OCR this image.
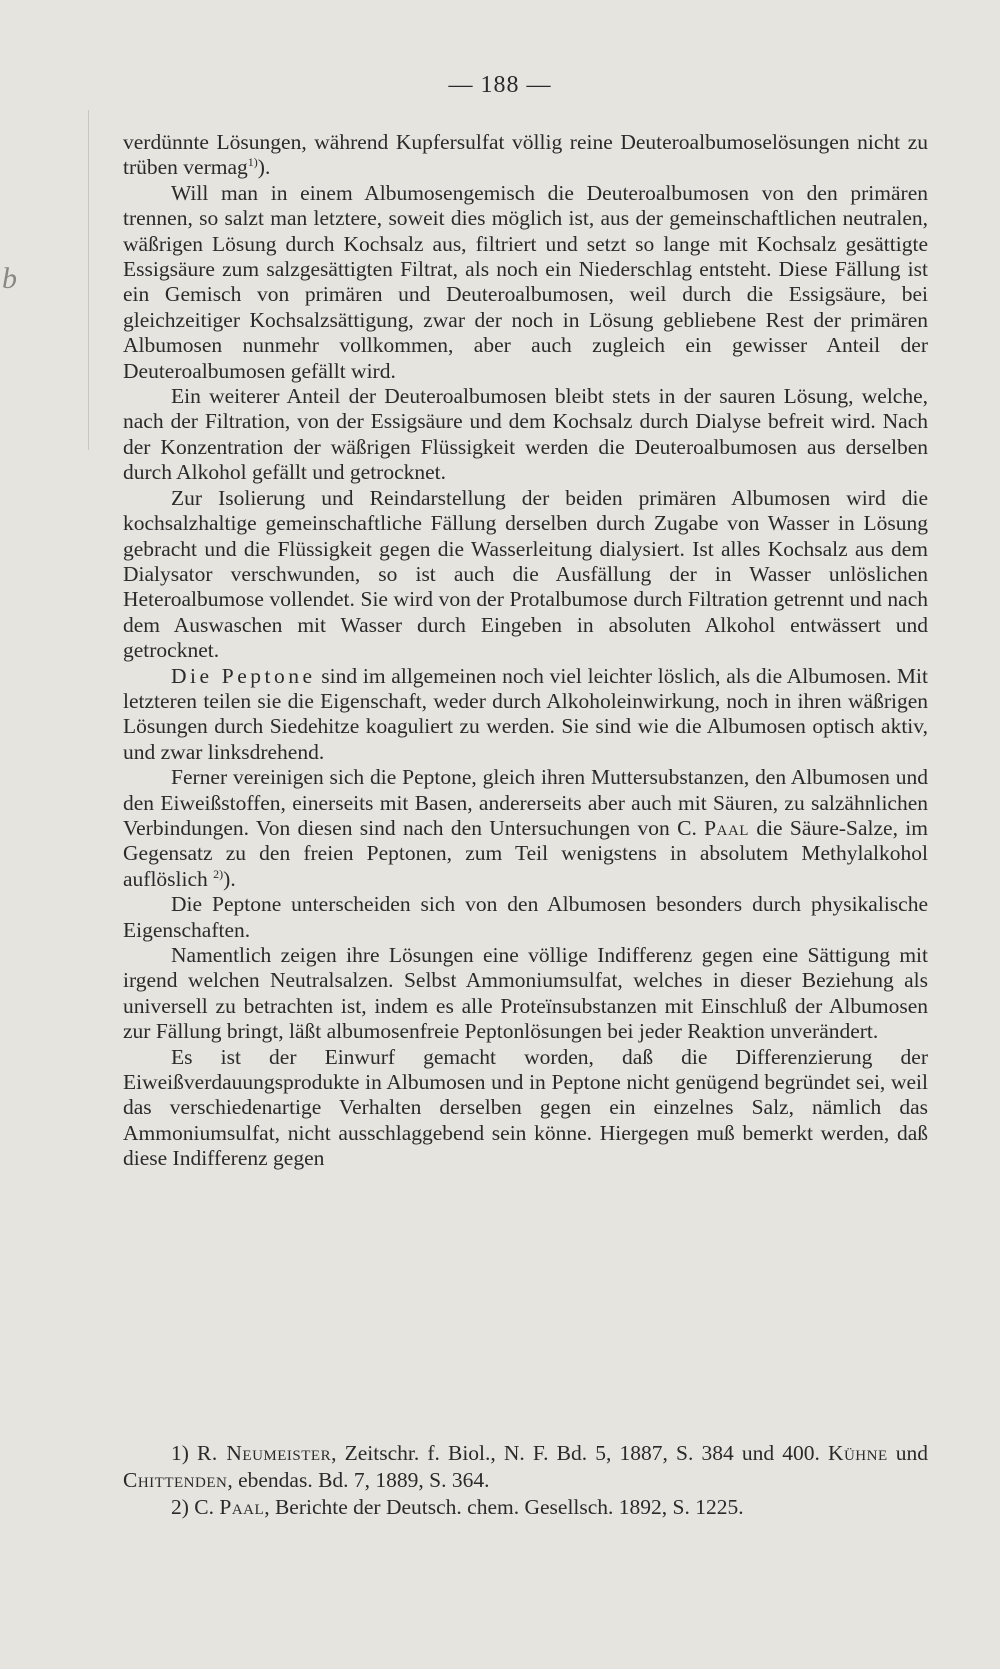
b
— 188 —

verdünnte Lösungen, während Kupfersulfat völlig reine Deuteroalbumoselösungen nicht zu trüben vermag$^{1)}$).

Will man in einem Albumosengemisch die Deuteroalbumosen von den primären trennen, so salzt man letztere, soweit dies möglich ist, aus der gemeinschaftlichen neutralen, wäßrigen Lösung durch Kochsalz aus, filtriert und setzt so lange mit Kochsalz gesättigte Essigsäure zum salzgesättigten Filtrat, als noch ein Niederschlag entsteht. Diese Fällung ist ein Gemisch von primären und Deuteroalbumosen, weil durch die Essigsäure, bei gleichzeitiger Kochsalzsättigung, zwar der noch in Lösung gebliebene Rest der primären Albumosen nunmehr vollkommen, aber auch zugleich ein gewisser Anteil der Deuteroalbumosen gefällt wird.

Ein weiterer Anteil der Deuteroalbumosen bleibt stets in der sauren Lösung, welche, nach der Filtration, von der Essigsäure und dem Kochsalz durch Dialyse befreit wird. Nach der Konzentration der wäßrigen Flüssigkeit werden die Deuteroalbumosen aus derselben durch Alkohol gefällt und getrocknet.

Zur Isolierung und Reindarstellung der beiden primären Albumosen wird die kochsalzhaltige gemeinschaftliche Fällung derselben durch Zugabe von Wasser in Lösung gebracht und die Flüssigkeit gegen die Wasserleitung dialysiert. Ist alles Kochsalz aus dem Dialysator verschwunden, so ist auch die Ausfällung der in Wasser unlöslichen Heteroalbumose vollendet. Sie wird von der Protalbumose durch Filtration getrennt und nach dem Auswaschen mit Wasser durch Eingeben in absoluten Alkohol entwässert und getrocknet.

Die Peptone sind im allgemeinen noch viel leichter löslich, als die Albumosen. Mit letzteren teilen sie die Eigenschaft, weder durch Alkoholeinwirkung, noch in ihren wäßrigen Lösungen durch Siedehitze koaguliert zu werden. Sie sind wie die Albumosen optisch aktiv, und zwar linksdrehend.

Ferner vereinigen sich die Peptone, gleich ihren Muttersubstanzen, den Albumosen und den Eiweißstoffen, einerseits mit Basen, andererseits aber auch mit Säuren, zu salzähnlichen Verbindungen. Von diesen sind nach den Untersuchungen von C. Paal die Säure-Salze, im Gegensatz zu den freien Peptonen, zum Teil wenigstens in absolutem Methylalkohol auflöslich $^{2)}$).

Die Peptone unterscheiden sich von den Albumosen besonders durch physikalische Eigenschaften.

Namentlich zeigen ihre Lösungen eine völlige Indifferenz gegen eine Sättigung mit irgend welchen Neutralsalzen. Selbst Ammoniumsulfat, welches in dieser Beziehung als universell zu betrachten ist, indem es alle Proteïnsubstanzen mit Einschluß der Albumosen zur Fällung bringt, läßt albumosenfreie Peptonlösungen bei jeder Reaktion unverändert.

Es ist der Einwurf gemacht worden, daß die Differenzierung der Eiweißverdauungsprodukte in Albumosen und in Peptone nicht genügend begründet sei, weil das verschiedenartige Verhalten derselben gegen ein einzelnes Salz, nämlich das Ammoniumsulfat, nicht ausschlaggebend sein könne. Hiergegen muß bemerkt werden, daß diese Indifferenz gegen

1) R. Neumeister, Zeitschr. f. Biol., N. F. Bd. 5, 1887, S. 384 und 400. Kühne und Chittenden, ebendas. Bd. 7, 1889, S. 364.

2) C. Paal, Berichte der Deutsch. chem. Gesellsch. 1892, S. 1225.
